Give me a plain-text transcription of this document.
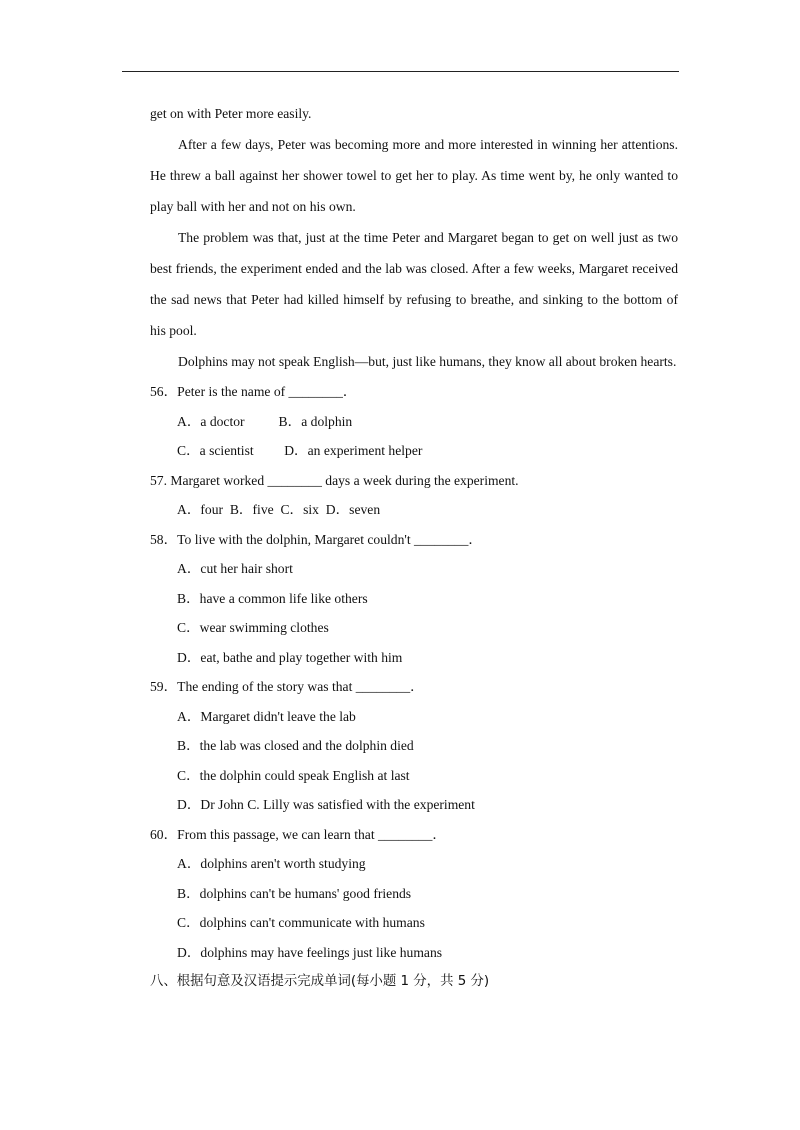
get on with Peter more easily.

After a few days, Peter was becoming more and more interested in winning her attentions. He threw a ball against her shower towel to get her to play. As time went by, he only wanted to play ball with her and not on his own.

The problem was that, just at the time Peter and Margaret began to get on well just as two best friends, the experiment ended and the lab was closed. After a few weeks, Margaret received the sad news that Peter had killed himself by refusing to breathe, and sinking to the bottom of his pool.

Dolphins may not speak English—but, just like humans, they know all about broken hearts.

56．Peter is the name of ________．

A．a doctor          B．a dolphin

C．a scientist         D．an experiment helper

57. Margaret worked ________ days a week during the experiment.

A．four  B．five  C．six  D．seven

58．To live with the dolphin, Margaret couldn't ________．

A．cut her hair short

B．have a common life like others

C．wear swimming clothes

D．eat, bathe and play together with him

59．The ending of the story was that ________．

A．Margaret didn't leave the lab

B．the lab was closed and the dolphin died

C．the dolphin could speak English at last

D．Dr John C. Lilly was satisfied with the experiment

60．From this passage, we can learn that ________．

A．dolphins aren't worth studying

B．dolphins can't be humans' good friends

C．dolphins can't communicate with humans

D．dolphins may have feelings just like humans

八、根据句意及汉语提示完成单词(每小题 1 分，共 5 分)
